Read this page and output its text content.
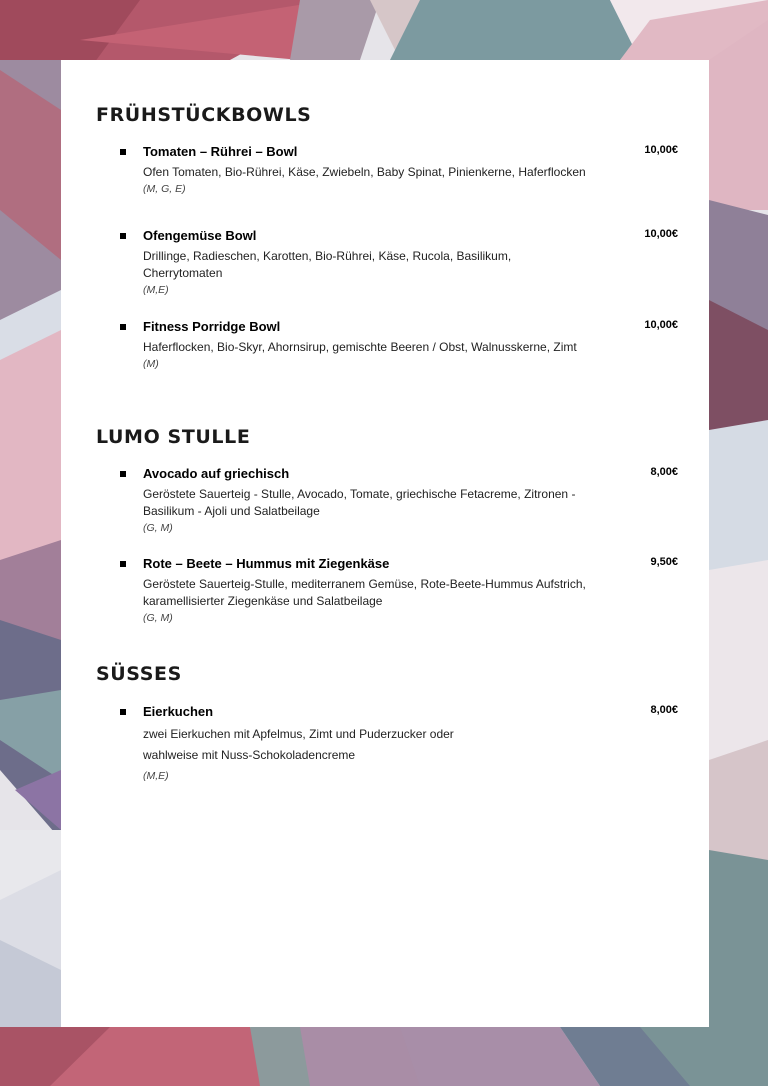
FRÜHSTÜCKBOWLS
Tomaten – Rührei – Bowl	10,00€
Ofen Tomaten, Bio-Rührei, Käse, Zwiebeln, Baby Spinat, Pinienkerne, Haferflocken
(M, G, E)
Ofengemüse Bowl	10,00€
Drillinge, Radieschen, Karotten, Bio-Rührei, Käse, Rucola, Basilikum, Cherrytomaten
(M,E)
Fitness Porridge Bowl	10,00€
Haferflocken, Bio-Skyr, Ahornsirup, gemischte Beeren / Obst, Walnusskerne, Zimt
(M)
LUMO STULLE
Avocado auf griechisch	8,00€
Geröstete Sauerteig - Stulle, Avocado, Tomate, griechische Fetacreme, Zitronen - Basilikum - Ajoli und Salatbeilage
(G, M)
Rote – Beete – Hummus mit Ziegenkäse	9,50€
Geröstete Sauerteig-Stulle, mediterranem Gemüse, Rote-Beete-Hummus Aufstrich, karamellisierter Ziegenkäse und Salatbeilage
(G, M)
SÜSSES
Eierkuchen	8,00€
zwei Eierkuchen mit Apfelmus, Zimt und Puderzucker oder wahlweise mit Nuss-Schokoladencreme
(M,E)
